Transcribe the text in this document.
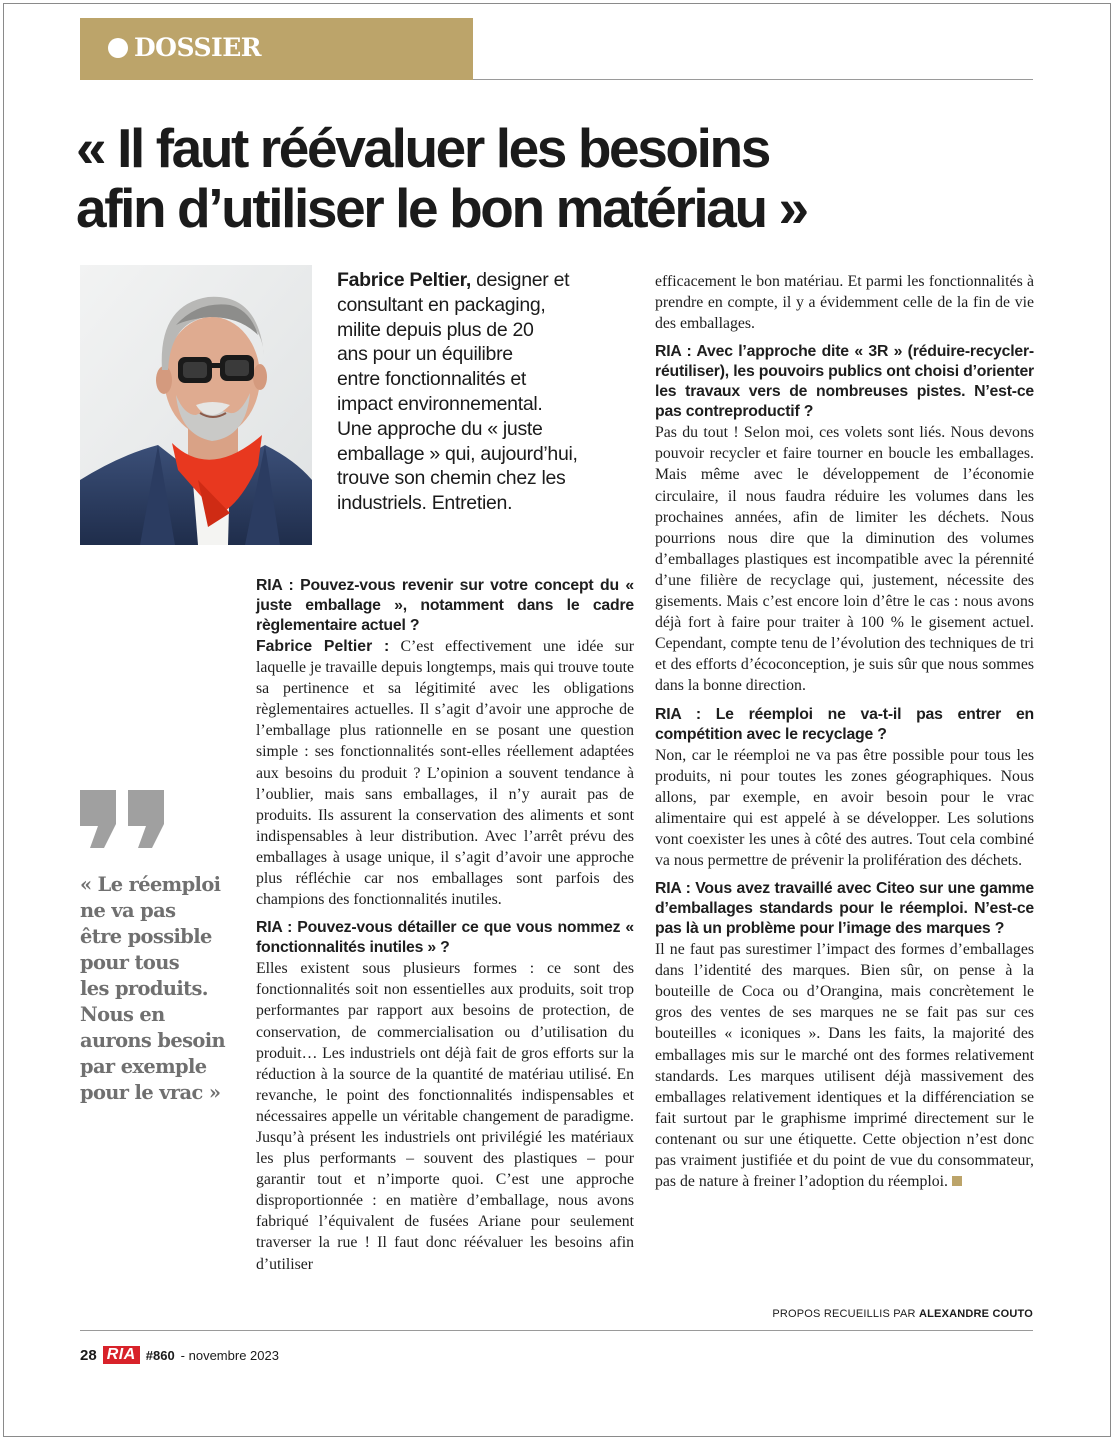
DOSSIER
« Il faut réévaluer les besoins
afin d’utiliser le bon matériau »
Fabrice Peltier, designer et
consultant en packaging,
milite depuis plus de 20
ans pour un équilibre
entre fonctionnalités et
impact environnemental.
Une approche du « juste
emballage » qui, aujourd’hui,
trouve son chemin chez les
industriels. Entretien.
« Le réemploi
ne va pas
être possible
pour tous
les produits.
Nous en
aurons besoin
par exemple
pour le vrac »

RIA : Pouvez-vous revenir sur votre concept du « juste emballage », notamment dans le cadre règlementaire actuel ?

Fabrice Peltier : C’est effectivement une idée sur laquelle je travaille depuis longtemps, mais qui trouve toute sa pertinence et sa légitimité avec les obligations règlementaires actuelles. Il s’agit d’avoir une approche de l’emballage plus rationnelle en se posant une question simple : ses fonctionnalités sont-elles réellement adaptées aux besoins du produit ? L’opinion a souvent tendance à l’oublier, mais sans emballages, il n’y aurait pas de produits. Ils assurent la conservation des aliments et sont indispensables à leur distribution. Avec l’arrêt prévu des emballages à usage unique, il s’agit d’avoir une approche plus réfléchie car nos emballages sont parfois des champions des fonctionnalités inutiles.

RIA : Pouvez-vous détailler ce que vous nommez « fonctionnalités inutiles » ?

Elles existent sous plusieurs formes : ce sont des fonctionnalités soit non essentielles aux produits, soit trop performantes par rapport aux besoins de protection, de conservation, de commercialisation ou d’utilisation du produit… Les industriels ont déjà fait de gros efforts sur la réduction à la source de la quantité de matériau utilisé. En revanche, le point des fonctionnalités indispensables et nécessaires appelle un véritable changement de paradigme. Jusqu’à présent les industriels ont privilégié les matériaux les plus performants – souvent des plastiques – pour garantir tout et n’importe quoi. C’est une approche disproportionnée : en matière d’emballage, nous avons fabriqué l’équivalent de fusées Ariane pour seulement traverser la rue ! Il faut donc réévaluer les besoins afin d’utiliser

efficacement le bon matériau. Et parmi les fonctionnalités à prendre en compte, il y a évidemment celle de la fin de vie des emballages.

RIA : Avec l’approche dite « 3R » (réduire-recycler-réutiliser), les pouvoirs publics ont choisi d’orienter les travaux vers de nombreuses pistes. N’est-ce pas contreproductif ?

Pas du tout ! Selon moi, ces volets sont liés. Nous devons pouvoir recycler et faire tourner en boucle les emballages. Mais même avec le développement de l’économie circulaire, il nous faudra réduire les volumes dans les prochaines années, afin de limiter les déchets. Nous pourrions nous dire que la diminution des volumes d’emballages plastiques est incompatible avec la pérennité d’une filière de recyclage qui, justement, nécessite des gisements. Mais c’est encore loin d’être le cas : nous avons déjà fort à faire pour traiter à 100 % le gisement actuel. Cependant, compte tenu de l’évolution des techniques de tri et des efforts d’écoconception, je suis sûr que nous sommes dans la bonne direction.

RIA : Le réemploi ne va-t-il pas entrer en compétition avec le recyclage ?

Non, car le réemploi ne va pas être possible pour tous les produits, ni pour toutes les zones géographiques. Nous allons, par exemple, en avoir besoin pour le vrac alimentaire qui est appelé à se développer. Les solutions vont coexister les unes à côté des autres. Tout cela combiné va nous permettre de prévenir la prolifération des déchets.

RIA : Vous avez travaillé avec Citeo sur une gamme d’emballages standards pour le réemploi. N’est-ce pas là un problème pour l’image des marques ?

Il ne faut pas surestimer l’impact des formes d’emballages dans l’identité des marques. Bien sûr, on pense à la bouteille de Coca ou d’Orangina, mais concrètement le gros des ventes de ses marques ne se fait pas sur ces bouteilles « iconiques ». Dans les faits, la majorité des emballages mis sur le marché ont des formes relativement standards. Les marques utilisent déjà massivement des emballages relativement identiques et la différenciation se fait surtout par le graphisme imprimé directement sur le contenant ou sur une étiquette. Cette objection n’est donc pas vraiment justifiée et du point de vue du consommateur, pas de nature à freiner l’adoption du réemploi.

PROPOS RECUEILLIS PAR ALEXANDRE COUTO
28 RIA #860 - novembre 2023
